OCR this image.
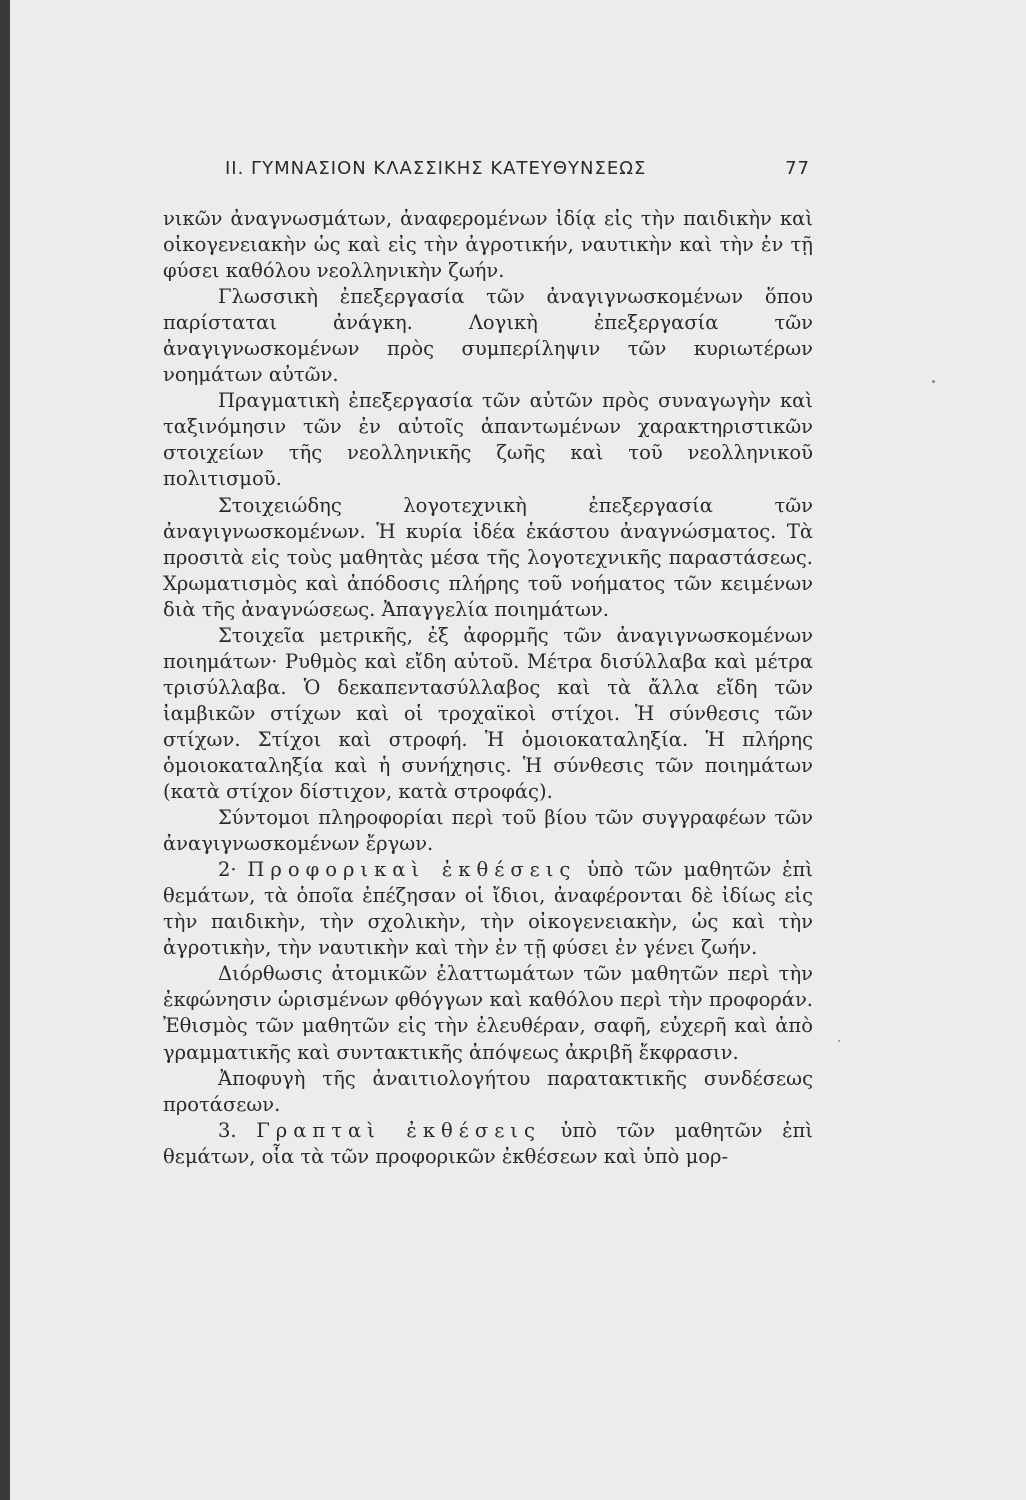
ΙΙ. ΓΥΜΝΑΣΙΟΝ ΚΛΑΣΣΙΚΗΣ ΚΑΤΕΥΘΥΝΣΕΩΣ	77

νικῶν ἀναγνωσμάτων, ἀναφερομένων ἰδίᾳ εἰς τὴν παιδικὴν καὶ οἰκογενειακὴν ὡς καὶ εἰς τὴν ἀγροτικήν, ναυτικὴν καὶ τὴν ἐν τῇ φύσει καθόλου νεολληνικὴν ζωήν.

Γλωσσικὴ ἐπεξεργασία τῶν ἀναγιγνωσκομένων ὅπου παρίσταται ἀνάγκη. Λογικὴ ἐπεξεργασία τῶν ἀναγιγνωσκομένων πρὸς συμπερίληψιν τῶν κυριωτέρων νοημάτων αὐτῶν.

Πραγματικὴ ἐπεξεργασία τῶν αὐτῶν πρὸς συναγωγὴν καὶ ταξινόμησιν τῶν ἐν αὐτοῖς ἀπαντωμένων χαρακτηριστικῶν στοιχείων τῆς νεολληνικῆς ζωῆς καὶ τοῦ νεολληνικοῦ πολιτισμοῦ.

Στοιχειώδης λογοτεχνικὴ ἐπεξεργασία τῶν ἀναγιγνωσκομένων. Ἡ κυρία ἰδέα ἑκάστου ἀναγνώσματος. Τὰ προσιτὰ εἰς τοὺς μαθητὰς μέσα τῆς λογοτεχνικῆς παραστάσεως. Χρωματισμὸς καὶ ἀπόδοσις πλήρης τοῦ νοήματος τῶν κειμένων διὰ τῆς ἀναγνώσεως. Ἀπαγγελία ποιημάτων.

Στοιχεῖα μετρικῆς, ἐξ ἀφορμῆς τῶν ἀναγιγνωσκομένων ποιημάτων· Ρυθμὸς καὶ εἴδη αὐτοῦ. Μέτρα δισύλλαβα καὶ μέτρα τρισύλλαβα. Ὁ δεκαπεντασύλλαβος καὶ τὰ ἄλλα εἴδη τῶν ἰαμβικῶν στίχων καὶ οἱ τροχαϊκοὶ στίχοι. Ἡ σύνθεσις τῶν στίχων. Στίχοι καὶ στροφή. Ἡ ὁμοιοκαταληξία. Ἡ πλήρης ὁμοιοκαταληξία καὶ ἡ συνήχησις. Ἡ σύνθεσις τῶν ποιημάτων (κατὰ στίχον δίστιχον, κατὰ στροφάς).

Σύντομοι πληροφορίαι περὶ τοῦ βίου τῶν συγγραφέων τῶν ἀναγιγνωσκομένων ἔργων.

2· Προφορικαὶ ἐκθέσεις ὑπὸ τῶν μαθητῶν ἐπὶ θεμάτων, τὰ ὁποῖα ἐπέζησαν οἱ ἴδιοι, ἀναφέρονται δὲ ἰδίως εἰς τὴν παιδικὴν, τὴν σχολικὴν, τὴν οἰκογενειακὴν, ὡς καὶ τὴν ἀγροτικὴν, τὴν ναυτικὴν καὶ τὴν ἐν τῇ φύσει ἐν γένει ζωήν.

Διόρθωσις ἀτομικῶν ἐλαττωμάτων τῶν μαθητῶν περὶ τὴν ἐκφώνησιν ὡρισμένων φθόγγων καὶ καθόλου περὶ τὴν προφοράν. Ἐθισμὸς τῶν μαθητῶν εἰς τὴν ἐλευθέραν, σαφῆ, εὐχερῆ καὶ ἀπὸ γραμματικῆς καὶ συντακτικῆς ἀπόψεως ἀκριβῆ ἔκφρασιν.

Ἀποφυγὴ τῆς ἀναιτιολογήτου παρατακτικῆς συνδέσεως προτάσεων.

3. Γραπταὶ ἐκθέσεις ὑπὸ τῶν μαθητῶν ἐπὶ θεμάτων, οἷα τὰ τῶν προφορικῶν ἐκθέσεων καὶ ὑπὸ μορ-
